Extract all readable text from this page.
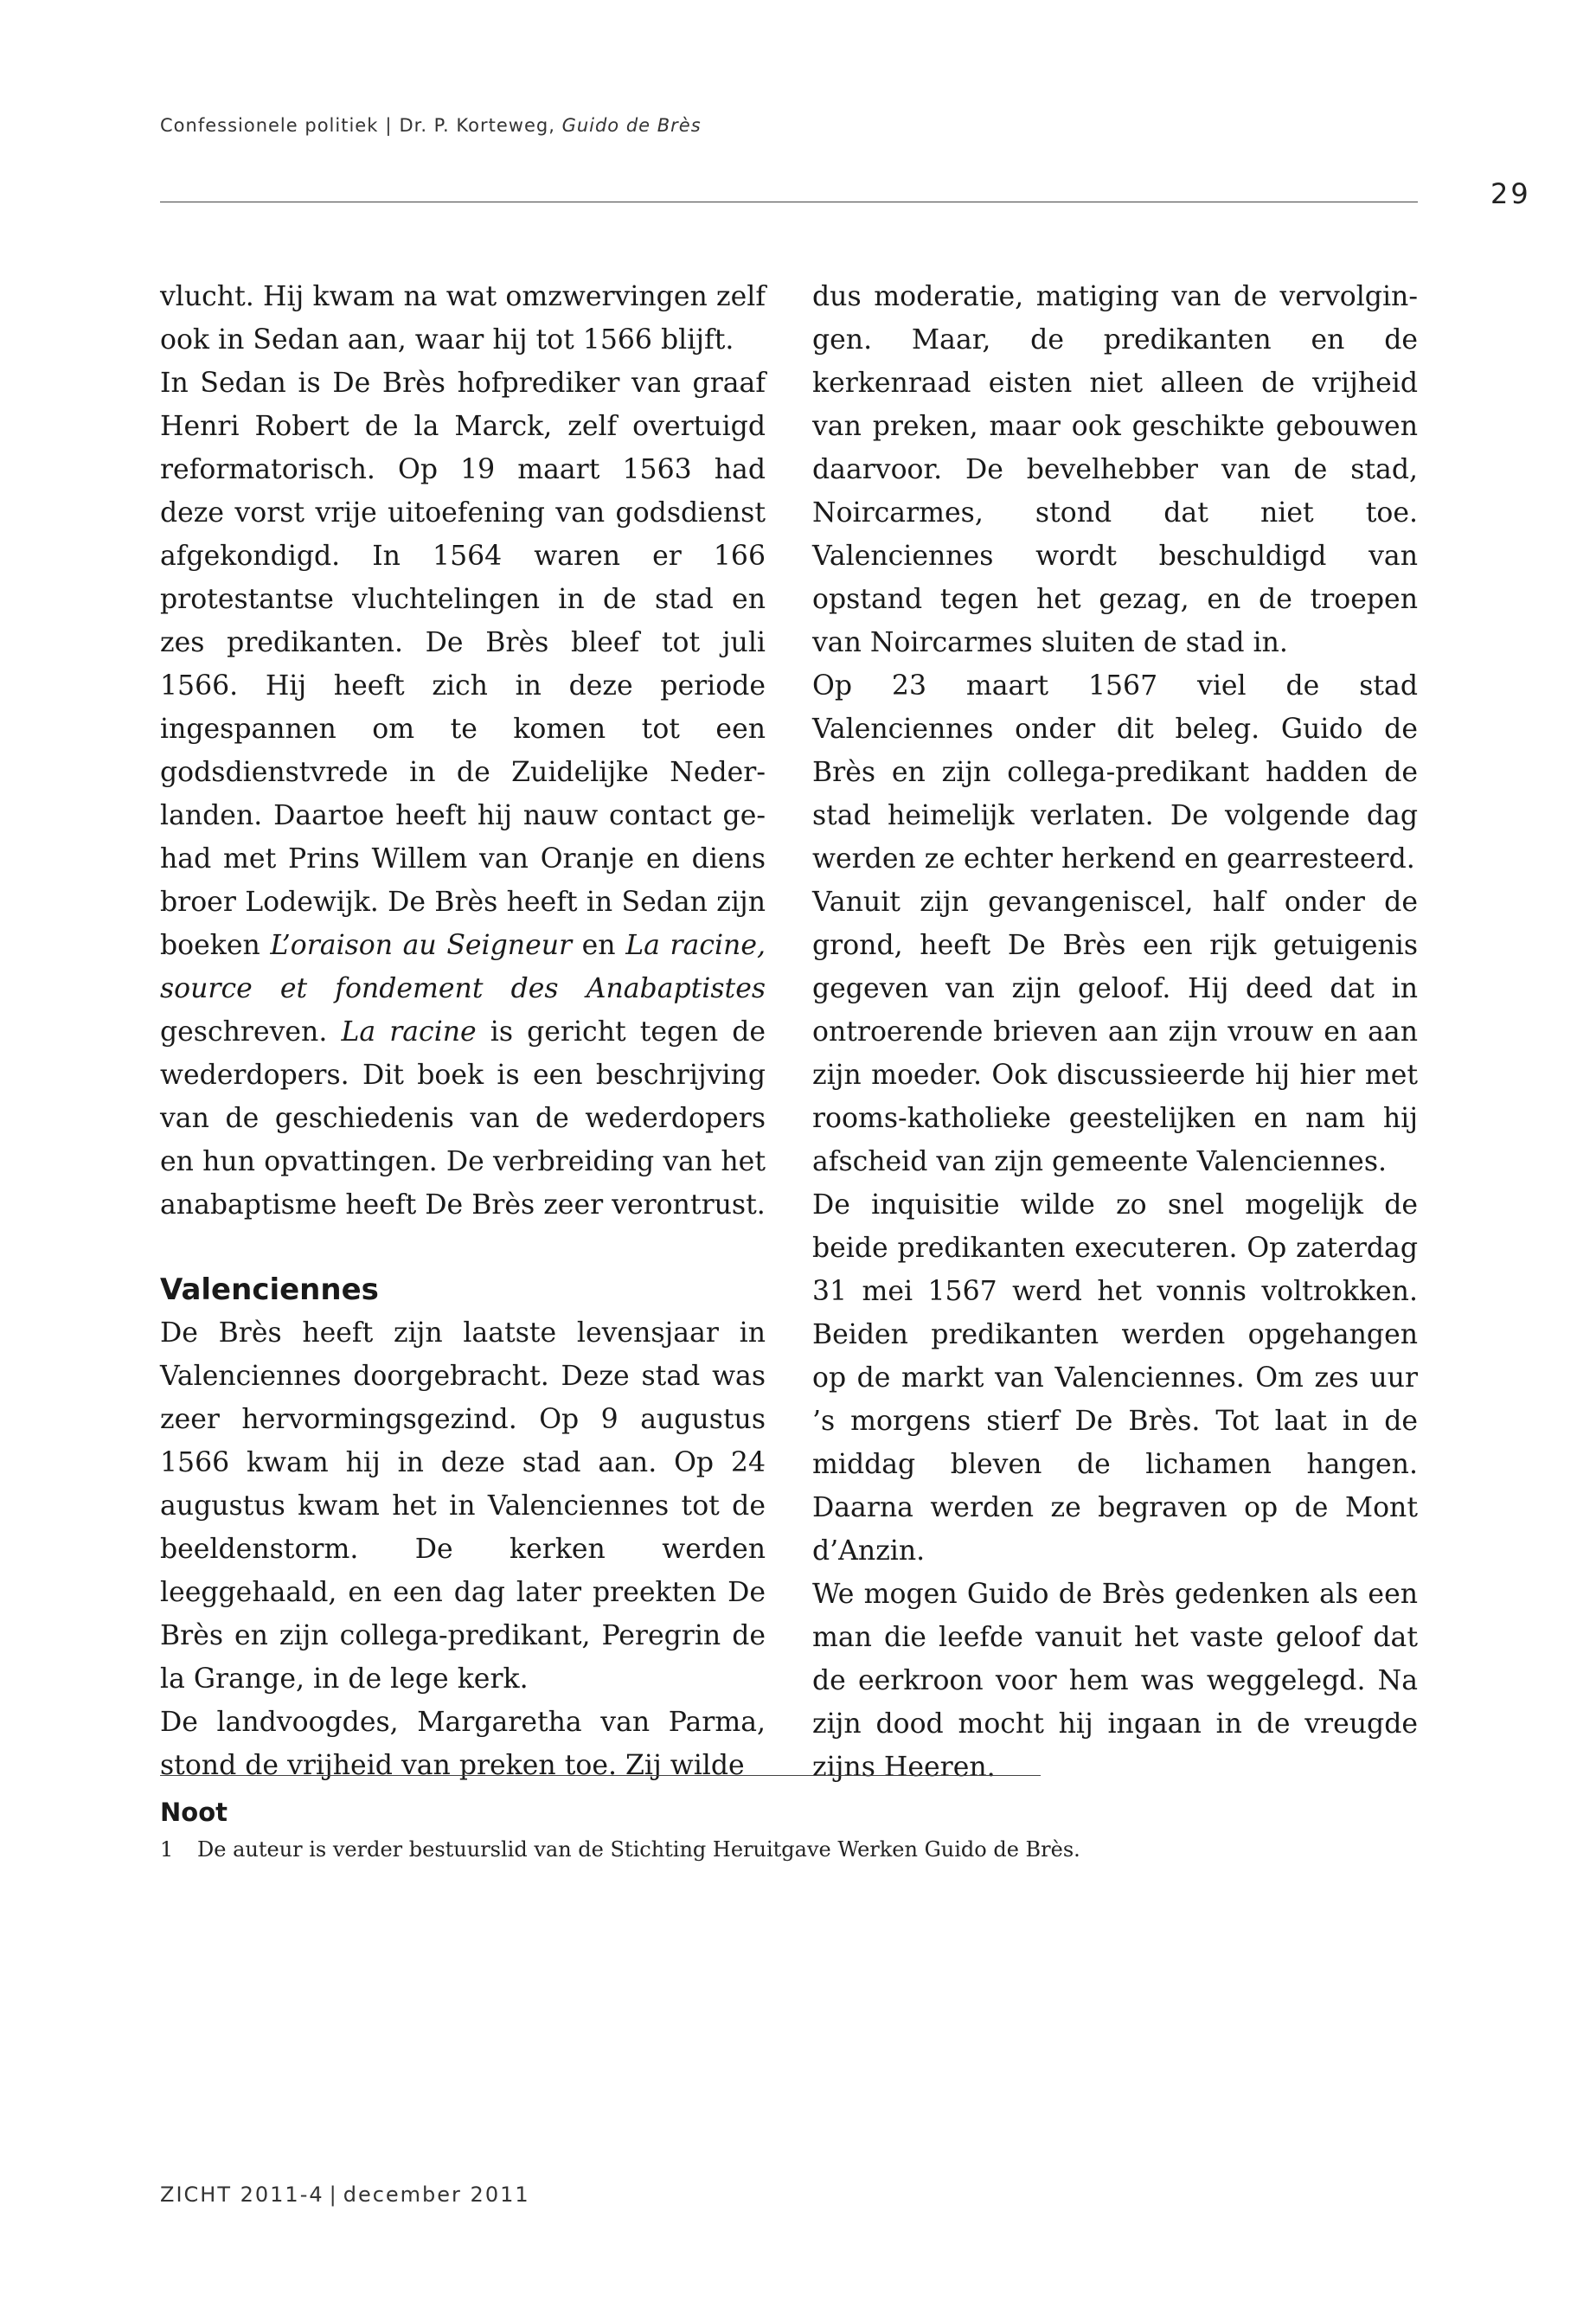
Confessionele politiek | Dr. P. Korteweg, Guido de Brès
29

vlucht. Hij kwam na wat omzwervingen zelf ook in Sedan aan, waar hij tot 1566 blijft.

In Sedan is De Brès hofprediker van graaf Henri Robert de la Marck, zelf overtuigd reformatorisch. Op 19 maart 1563 had deze vorst vrije uitoefening van godsdienst afgekondigd. In 1564 waren er 166 protestantse vluchtelingen in de stad en zes predikanten. De Brès bleef tot juli 1566. Hij heeft zich in deze periode ingespannen om te komen tot een godsdienstvrede in de Zuidelijke Nederlanden. Daartoe heeft hij nauw contact gehad met Prins Willem van Oranje en diens broer Lodewijk. De Brès heeft in Sedan zijn boeken L’oraison au Seigneur en La racine, source et fondement des Anabaptistes geschreven. La racine is gericht tegen de wederdopers. Dit boek is een beschrijving van de geschiedenis van de wederdopers en hun opvattingen. De verbreiding van het anabaptisme heeft De Brès zeer verontrust.

Valenciennes

De Brès heeft zijn laatste levensjaar in Valenciennes doorgebracht. Deze stad was zeer hervormingsgezind. Op 9 augustus 1566 kwam hij in deze stad aan. Op 24 augustus kwam het in Valenciennes tot de beeldenstorm. De kerken werden leeggehaald, en een dag later preekten De Brès en zijn collega-predikant, Peregrin de la Grange, in de lege kerk.

De landvoogdes, Margaretha van Parma, stond de vrijheid van preken toe. Zij wilde

dus moderatie, matiging van de vervolgingen. Maar, de predikanten en de kerkenraad eisten niet alleen de vrijheid van preken, maar ook geschikte gebouwen daarvoor. De bevelhebber van de stad, Noircarmes, stond dat niet toe. Valenciennes wordt beschuldigd van opstand tegen het gezag, en de troepen van Noircarmes sluiten de stad in.

Op 23 maart 1567 viel de stad Valenciennes onder dit beleg. Guido de Brès en zijn collega-predikant hadden de stad heimelijk verlaten. De volgende dag werden ze echter herkend en gearresteerd.

Vanuit zijn gevangeniscel, half onder de grond, heeft De Brès een rijk getuigenis gegeven van zijn geloof. Hij deed dat in ontroerende brieven aan zijn vrouw en aan zijn moeder. Ook discussieerde hij hier met rooms-katholieke geestelijken en nam hij afscheid van zijn gemeente Valenciennes.

De inquisitie wilde zo snel mogelijk de beide predikanten executeren. Op zaterdag 31 mei 1567 werd het vonnis voltrokken. Beiden predikanten werden opgehangen op de markt van Valenciennes. Om zes uur ’s morgens stierf De Brès. Tot laat in de middag bleven de lichamen hangen. Daarna werden ze begraven op de Mont d’Anzin.

We mogen Guido de Brès gedenken als een man die leefde vanuit het vaste geloof dat de eerkroon voor hem was weggelegd. Na zijn dood mocht hij ingaan in de vreugde zijns Heeren.

Noot
1 De auteur is verder bestuurslid van de Stichting Heruitgave Werken Guido de Brès.
ZICHT 2011-4 | december 2011
